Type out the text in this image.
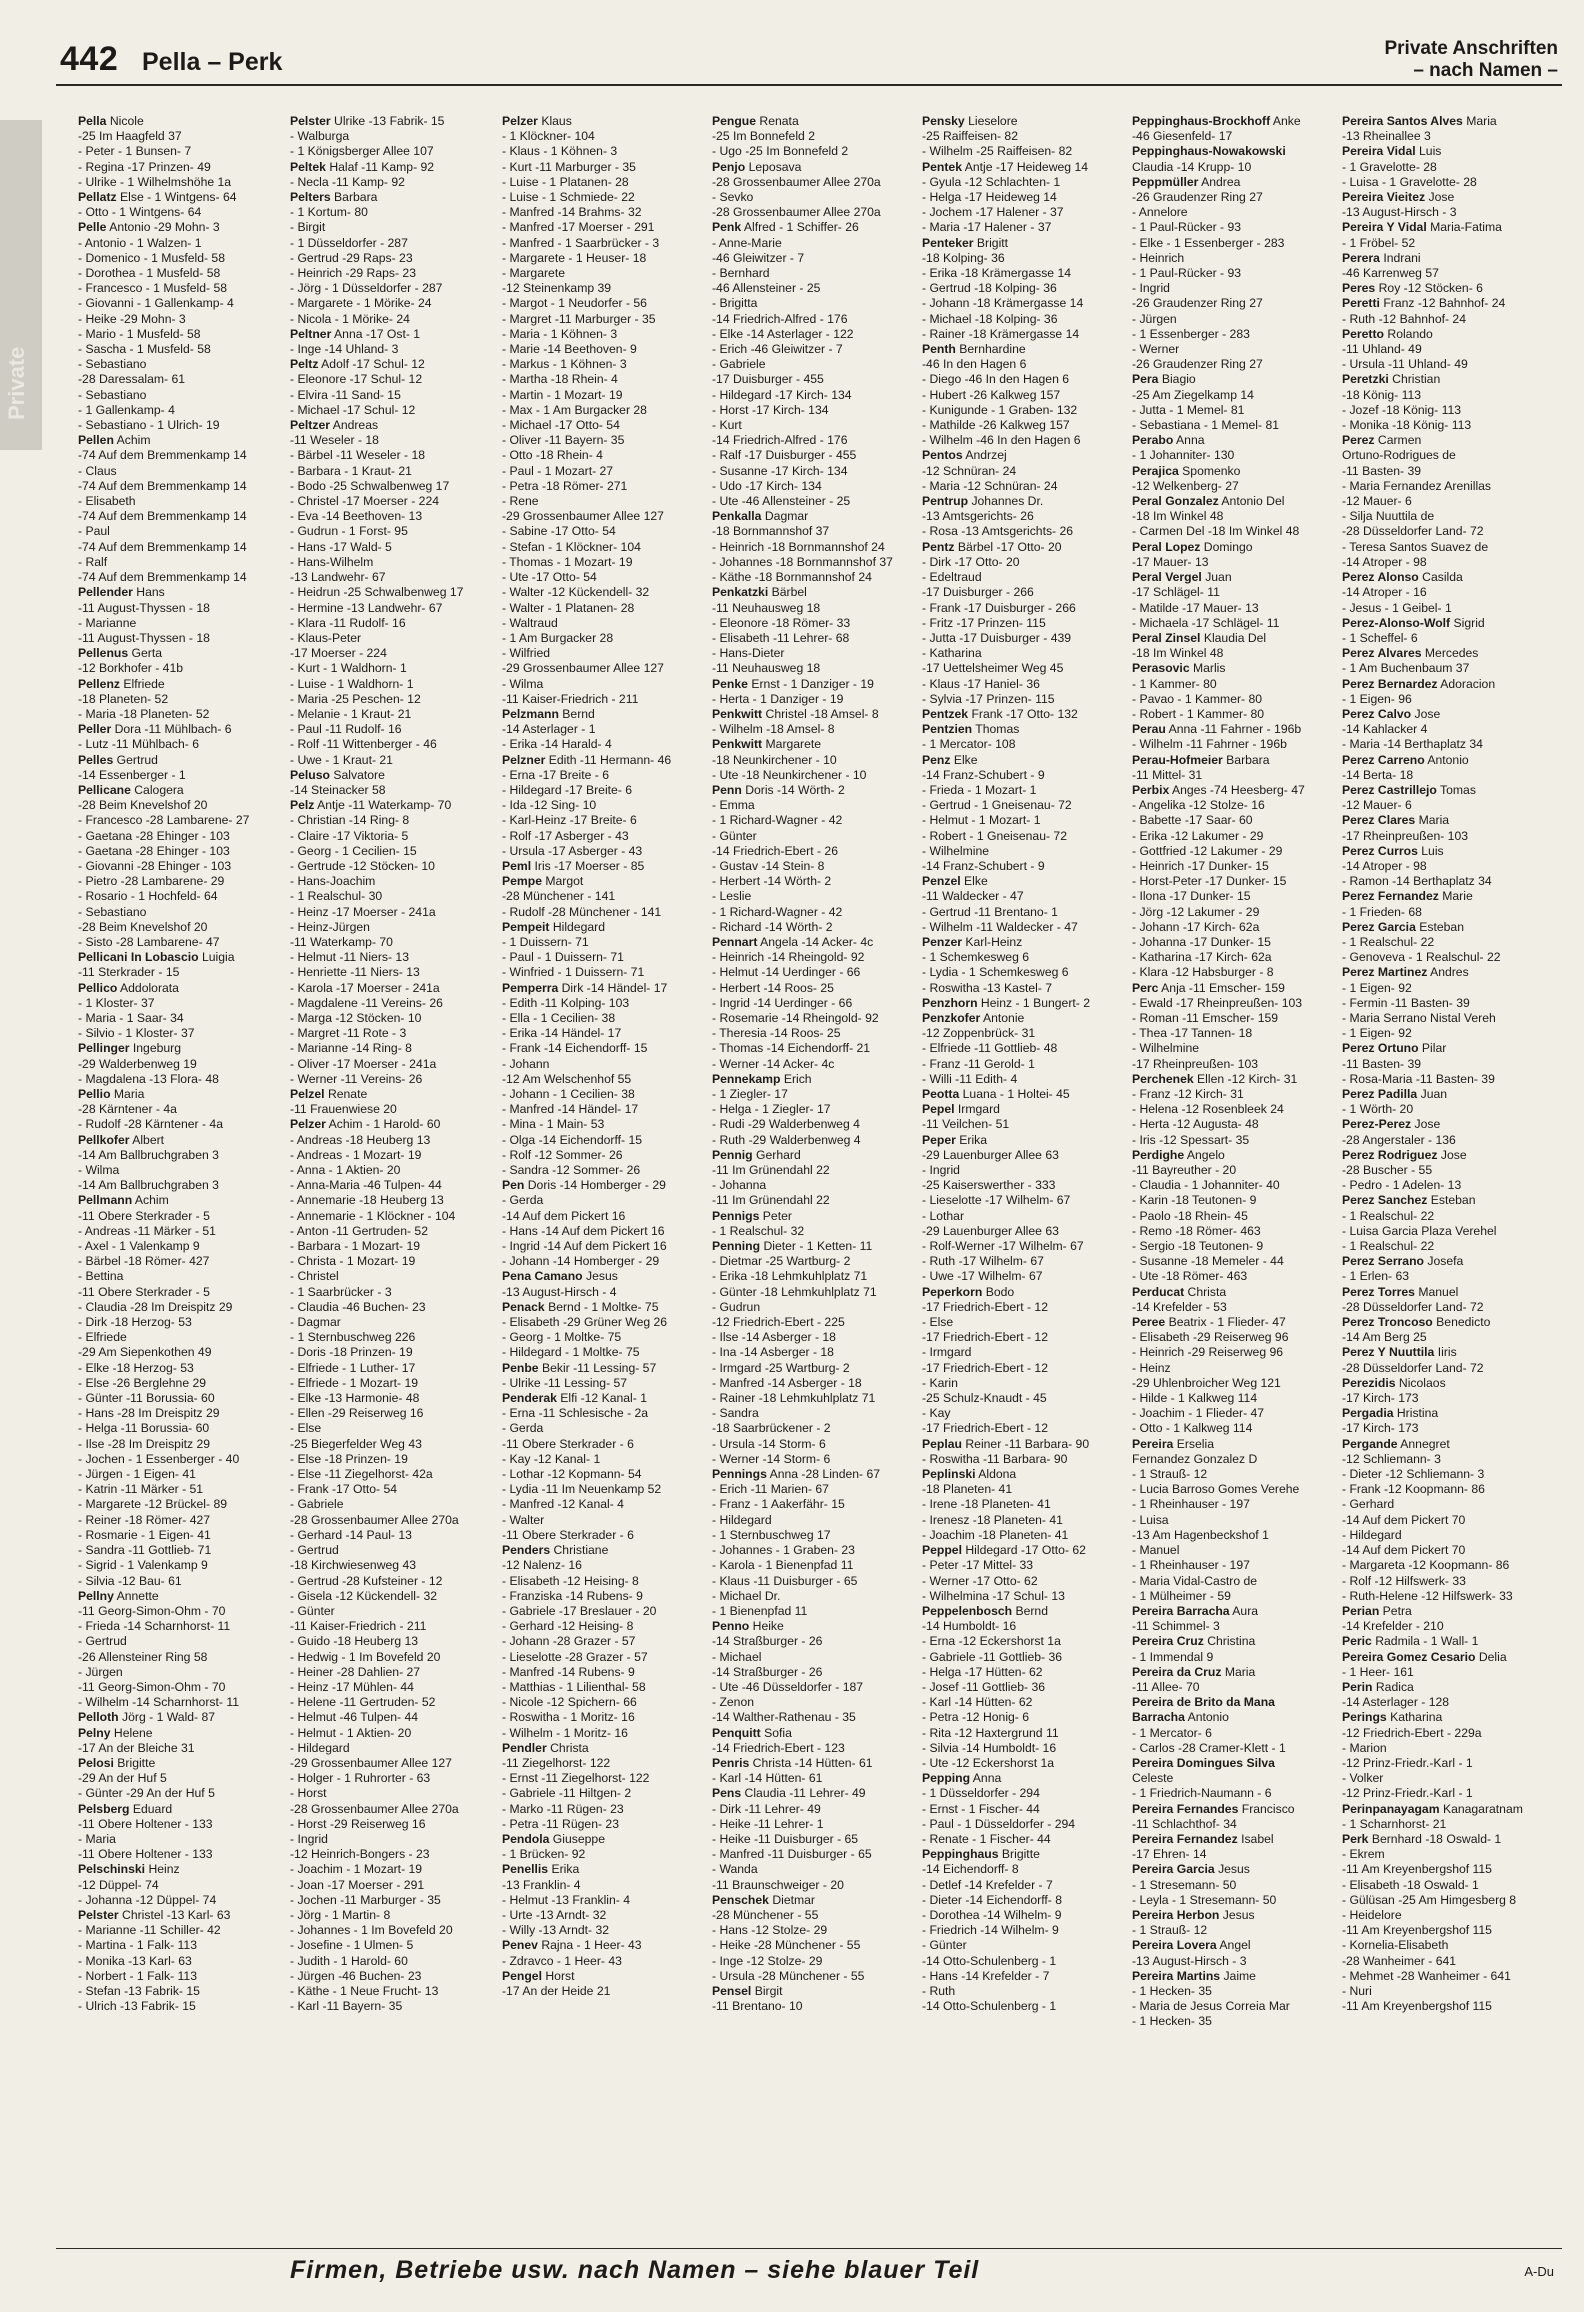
Private
442 Pella – Perk	Private Anschriften
– nach Namen –
Pella Nicole
-25 Im Haagfeld 37
- Peter - 1 Bunsen- 7
- Regina -17 Prinzen- 49
- Ulrike - 1 Wilhelmshöhe 1a
Pellatz Else - 1 Wintgens- 64
- Otto - 1 Wintgens- 64
Pelle Antonio -29 Mohn- 3
- Antonio - 1 Walzen- 1
- Domenico - 1 Musfeld- 58
- Dorothea - 1 Musfeld- 58
- Francesco - 1 Musfeld- 58
- Giovanni - 1 Gallenkamp- 4
- Heike -29 Mohn- 3
- Mario - 1 Musfeld- 58
- Sascha - 1 Musfeld- 58
- Sebastiano
-28 Daressalam- 61
- Sebastiano
- 1 Gallenkamp- 4
- Sebastiano - 1 Ulrich- 19
Pellen Achim
-74 Auf dem Bremmenkamp 14
- Claus
-74 Auf dem Bremmenkamp 14
- Elisabeth
-74 Auf dem Bremmenkamp 14
- Paul
-74 Auf dem Bremmenkamp 14
- Ralf
-74 Auf dem Bremmenkamp 14
Pellender Hans
-11 August-Thyssen - 18
- Marianne
-11 August-Thyssen - 18
Pellenus Gerta
-12 Borkhofer - 41b
Pellenz Elfriede
-18 Planeten- 52
- Maria -18 Planeten- 52
Peller Dora -11 Mühlbach- 6
- Lutz -11 Mühlbach- 6
Pelles Gertrud
-14 Essenberger - 1
Pellicane Calogera
-28 Beim Knevelshof 20
- Francesco -28 Lambarene- 27
- Gaetana -28 Ehinger - 103
- Gaetana -28 Ehinger - 103
- Giovanni -28 Ehinger - 103
- Pietro -28 Lambarene- 29
- Rosario - 1 Hochfeld- 64
- Sebastiano
-28 Beim Knevelshof 20
- Sisto -28 Lambarene- 47
Pellicani In Lobascio Luigia
-11 Sterkrader - 15
Pellico Addolorata
- 1 Kloster- 37
- Maria - 1 Saar- 34
- Silvio - 1 Kloster- 37
Pellinger Ingeburg
-29 Walderbenweg 19
- Magdalena -13 Flora- 48
Pellio Maria
-28 Kärntener - 4a
- Rudolf -28 Kärntener - 4a
Pellkofer Albert
-14 Am Ballbruchgraben 3
- Wilma
-14 Am Ballbruchgraben 3
Pellmann Achim
-11 Obere Sterkrader - 5
- Andreas -11 Märker - 51
- Axel - 1 Valenkamp 9
- Bärbel -18 Römer- 427
- Bettina
-11 Obere Sterkrader - 5
- Claudia -28 Im Dreispitz 29
- Dirk -18 Herzog- 53
- Elfriede
-29 Am Siepenkothen 49
- Elke -18 Herzog- 53
- Else -26 Berglehne 29
- Günter -11 Borussia- 60
- Hans -28 Im Dreispitz 29
- Helga -11 Borussia- 60
- Ilse -28 Im Dreispitz 29
- Jochen - 1 Essenberger - 40
- Jürgen - 1 Eigen- 41
- Katrin -11 Märker - 51
- Margarete -12 Brückel- 89
- Reiner -18 Römer- 427
- Rosmarie - 1 Eigen- 41
- Sandra -11 Gottlieb- 71
- Sigrid - 1 Valenkamp 9
- Silvia -12 Bau- 61
Pellny Annette
-11 Georg-Simon-Ohm - 70
- Frieda -14 Scharnhorst- 11
- Gertrud
-26 Allensteiner Ring 58
- Jürgen
-11 Georg-Simon-Ohm - 70
- Wilhelm -14 Scharnhorst- 11
Pelloth Jörg - 1 Wald- 87
Pelny Helene
-17 An der Bleiche 31
Pelosi Brigitte
-29 An der Huf 5
- Günter -29 An der Huf 5
Pelsberg Eduard
-11 Obere Holtener - 133
- Maria
-11 Obere Holtener - 133
Pelschinski Heinz
-12 Düppel- 74
- Johanna -12 Düppel- 74
Pelster Christel -13 Karl- 63
- Marianne -11 Schiller- 42
- Martina - 1 Falk- 113
- Monika -13 Karl- 63
- Norbert - 1 Falk- 113
- Stefan -13 Fabrik- 15
- Ulrich -13 Fabrik- 15
Pelster Ulrike -13 Fabrik- 15
- Walburga
- 1 Königsberger Allee 107
Peltek Halaf -11 Kamp- 92
- Necla -11 Kamp- 92
Pelters Barbara
- 1 Kortum- 80
- Birgit
- 1 Düsseldorfer - 287
- Gertrud -29 Raps- 23
- Heinrich -29 Raps- 23
- Jörg - 1 Düsseldorfer - 287
- Margarete - 1 Mörike- 24
- Nicola - 1 Mörike- 24
Peltner Anna -17 Ost- 1
- Inge -14 Uhland- 3
Peltz Adolf -17 Schul- 12
- Eleonore -17 Schul- 12
- Elvira -11 Sand- 15
- Michael -17 Schul- 12
Peltzer Andreas
-11 Weseler - 18
- Bärbel -11 Weseler - 18
- Barbara - 1 Kraut- 21
- Bodo -25 Schwalbenweg 17
- Christel -17 Moerser - 224
- Eva -14 Beethoven- 13
- Gudrun - 1 Forst- 95
- Hans -17 Wald- 5
- Hans-Wilhelm
-13 Landwehr- 67
- Heidrun -25 Schwalbenweg 17
- Hermine -13 Landwehr- 67
- Klara -11 Rudolf- 16
- Klaus-Peter
-17 Moerser - 224
- Kurt - 1 Waldhorn- 1
- Luise - 1 Waldhorn- 1
- Maria -25 Peschen- 12
- Melanie - 1 Kraut- 21
- Paul -11 Rudolf- 16
- Rolf -11 Wittenberger - 46
- Uwe - 1 Kraut- 21
Peluso Salvatore
-14 Steinacker 58
Pelz Antje -11 Waterkamp- 70
- Christian -14 Ring- 8
- Claire -17 Viktoria- 5
- Georg - 1 Cecilien- 15
- Gertrude -12 Stöcken- 10
- Hans-Joachim
- 1 Realschul- 30
- Heinz -17 Moerser - 241a
- Heinz-Jürgen
-11 Waterkamp- 70
- Helmut -11 Niers- 13
- Henriette -11 Niers- 13
- Karola -17 Moerser - 241a
- Magdalene -11 Vereins- 26
- Marga -12 Stöcken- 10
- Margret -11 Rote - 3
- Marianne -14 Ring- 8
- Oliver -17 Moerser - 241a
- Werner -11 Vereins- 26
Pelzel Renate
-11 Frauenwiese 20
Pelzer Achim - 1 Harold- 60
- Andreas -18 Heuberg 13
- Andreas - 1 Mozart- 19
- Anna - 1 Aktien- 20
- Anna-Maria -46 Tulpen- 44
- Annemarie -18 Heuberg 13
- Annemarie - 1 Klöckner - 104
- Anton -11 Gertruden- 52
- Barbara - 1 Mozart- 19
- Christa - 1 Mozart- 19
- Christel
- 1 Saarbrücker - 3
- Claudia -46 Buchen- 23
- Dagmar
- 1 Sternbuschweg 226
- Doris -18 Prinzen- 19
- Elfriede - 1 Luther- 17
- Elfriede - 1 Mozart- 19
- Elke -13 Harmonie- 48
- Ellen -29 Reiserweg 16
- Else
-25 Biegerfelder Weg 43
- Else -18 Prinzen- 19
- Else -11 Ziegelhorst- 42a
- Frank -17 Otto- 54
- Gabriele
-28 Grossenbaumer Allee 270a
- Gerhard -14 Paul- 13
- Gertrud
-18 Kirchwiesenweg 43
- Gertrud -28 Kufsteiner - 12
- Gisela -12 Kückendell- 32
- Günter
-11 Kaiser-Friedrich - 211
- Guido -18 Heuberg 13
- Hedwig - 1 Im Bovefeld 20
- Heiner -28 Dahlien- 27
- Heinz -17 Mühlen- 44
- Helene -11 Gertruden- 52
- Helmut -46 Tulpen- 44
- Helmut - 1 Aktien- 20
- Hildegard
-29 Grossenbaumer Allee 127
- Holger - 1 Ruhrorter - 63
- Horst
-28 Grossenbaumer Allee 270a
- Horst -29 Reiserweg 16
- Ingrid
-12 Heinrich-Bongers - 23
- Joachim - 1 Mozart- 19
- Joan -17 Moerser - 291
- Jochen -11 Marburger - 35
- Jörg - 1 Martin- 8
- Johannes - 1 Im Bovefeld 20
- Josefine - 1 Ulmen- 5
- Judith - 1 Harold- 60
- Jürgen -46 Buchen- 23
- Käthe - 1 Neue Frucht- 13
- Karl -11 Bayern- 35
Pelzer Klaus
- 1 Klöckner- 104
- Klaus - 1 Köhnen- 3
- Kurt -11 Marburger - 35
- Luise - 1 Platanen- 28
- Luise - 1 Schmiede- 22
- Manfred -14 Brahms- 32
- Manfred -17 Moerser - 291
- Manfred - 1 Saarbrücker - 3
- Margarete - 1 Heuser- 18
- Margarete
-12 Steinenkamp 39
- Margot - 1 Neudorfer - 56
- Margret -11 Marburger - 35
- Maria - 1 Köhnen- 3
- Marie -14 Beethoven- 9
- Markus - 1 Köhnen- 3
- Martha -18 Rhein- 4
- Martin - 1 Mozart- 19
- Max - 1 Am Burgacker 28
- Michael -17 Otto- 54
- Oliver -11 Bayern- 35
- Otto -18 Rhein- 4
- Paul - 1 Mozart- 27
- Petra -18 Römer- 271
- Rene
-29 Grossenbaumer Allee 127
- Sabine -17 Otto- 54
- Stefan - 1 Klöckner- 104
- Thomas - 1 Mozart- 19
- Ute -17 Otto- 54
- Walter -12 Kückendell- 32
- Walter - 1 Platanen- 28
- Waltraud
- 1 Am Burgacker 28
- Wilfried
-29 Grossenbaumer Allee 127
- Wilma
-11 Kaiser-Friedrich - 211
Pelzmann Bernd
-14 Asterlager - 1
- Erika -14 Harald- 4
Pelzner Edith -11 Hermann- 46
- Erna -17 Breite - 6
- Hildegard -17 Breite- 6
- Ida -12 Sing- 10
- Karl-Heinz -17 Breite- 6
- Rolf -17 Asberger - 43
- Ursula -17 Asberger - 43
Peml Iris -17 Moerser - 85
Pempe Margot
-28 Münchener - 141
- Rudolf -28 Münchener - 141
Pempeit Hildegard
- 1 Duissern- 71
- Paul - 1 Duissern- 71
- Winfried - 1 Duissern- 71
Pemperra Dirk -14 Händel- 17
- Edith -11 Kolping- 103
- Ella - 1 Cecilien- 38
- Erika -14 Händel- 17
- Frank -14 Eichendorff- 15
- Johann
-12 Am Welschenhof 55
- Johann - 1 Cecilien- 38
- Manfred -14 Händel- 17
- Mina - 1 Main- 53
- Olga -14 Eichendorff- 15
- Rolf -12 Sommer- 26
- Sandra -12 Sommer- 26
Pen Doris -14 Homberger - 29
- Gerda
-14 Auf dem Pickert 16
- Hans -14 Auf dem Pickert 16
- Ingrid -14 Auf dem Pickert 16
- Johann -14 Homberger - 29
Pena Camano Jesus
-13 August-Hirsch - 4
Penack Bernd - 1 Moltke- 75
- Elisabeth -29 Grüner Weg 26
- Georg - 1 Moltke- 75
- Hildegard - 1 Moltke- 75
Penbe Bekir -11 Lessing- 57
- Ulrike -11 Lessing- 57
Penderak Elfi -12 Kanal- 1
- Erna -11 Schlesische - 2a
- Gerda
-11 Obere Sterkrader - 6
- Kay -12 Kanal- 1
- Lothar -12 Kopmann- 54
- Lydia -11 Im Neuenkamp 52
- Manfred -12 Kanal- 4
- Walter
-11 Obere Sterkrader - 6
Penders Christiane
-12 Nalenz- 16
- Elisabeth -12 Heising- 8
- Franziska -14 Rubens- 9
- Gabriele -17 Breslauer - 20
- Gerhard -12 Heising- 8
- Johann -28 Grazer - 57
- Lieselotte -28 Grazer - 57
- Manfred -14 Rubens- 9
- Matthias - 1 Lilienthal- 58
- Nicole -12 Spichern- 66
- Roswitha - 1 Moritz- 16
- Wilhelm - 1 Moritz- 16
Pendler Christa
-11 Ziegelhorst- 122
- Ernst -11 Ziegelhorst- 122
- Gabriele -11 Hiltgen- 2
- Marko -11 Rügen- 23
- Petra -11 Rügen- 23
Pendola Giuseppe
- 1 Brücken- 92
Penellis Erika
-13 Franklin- 4
- Helmut -13 Franklin- 4
- Urte -13 Arndt- 32
- Willy -13 Arndt- 32
Penev Rajna - 1 Heer- 43
- Zdravco - 1 Heer- 43
Pengel Horst
-17 An der Heide 21
Pengue Renata
-25 Im Bonnefeld 2
- Ugo -25 Im Bonnefeld 2
Penjo Leposava
-28 Grossenbaumer Allee 270a
- Sevko
-28 Grossenbaumer Allee 270a
Penk Alfred - 1 Schiffer- 26
- Anne-Marie
-46 Gleiwitzer - 7
- Bernhard
-46 Allensteiner - 25
- Brigitta
-14 Friedrich-Alfred - 176
- Elke -14 Asterlager - 122
- Erich -46 Gleiwitzer - 7
- Gabriele
-17 Duisburger - 455
- Hildegard -17 Kirch- 134
- Horst -17 Kirch- 134
- Kurt
-14 Friedrich-Alfred - 176
- Ralf -17 Duisburger - 455
- Susanne -17 Kirch- 134
- Udo -17 Kirch- 134
- Ute -46 Allensteiner - 25
Penkalla Dagmar
-18 Bornmannshof 37
- Heinrich -18 Bornmannshof 24
- Johannes -18 Bornmannshof 37
- Käthe -18 Bornmannshof 24
Penkatzki Bärbel
-11 Neuhausweg 18
- Eleonore -18 Römer- 33
- Elisabeth -11 Lehrer- 68
- Hans-Dieter
-11 Neuhausweg 18
Penke Ernst - 1 Danziger - 19
- Herta - 1 Danziger - 19
Penkwitt Christel -18 Amsel- 8
- Wilhelm -18 Amsel- 8
Penkwitt Margarete
-18 Neunkirchener - 10
- Ute -18 Neunkirchener - 10
Penn Doris -14 Wörth- 2
- Emma
- 1 Richard-Wagner - 42
- Günter
-14 Friedrich-Ebert - 26
- Gustav -14 Stein- 8
- Herbert -14 Wörth- 2
- Leslie
- 1 Richard-Wagner - 42
- Richard -14 Wörth- 2
Pennart Angela -14 Acker- 4c
- Heinrich -14 Rheingold- 92
- Helmut -14 Uerdinger - 66
- Herbert -14 Roos- 25
- Ingrid -14 Uerdinger - 66
- Rosemarie -14 Rheingold- 92
- Theresia -14 Roos- 25
- Thomas -14 Eichendorff- 21
- Werner -14 Acker- 4c
Pennekamp Erich
- 1 Ziegler- 17
- Helga - 1 Ziegler- 17
- Rudi -29 Walderbenweg 4
- Ruth -29 Walderbenweg 4
Pennig Gerhard
-11 Im Grünendahl 22
- Johanna
-11 Im Grünendahl 22
Pennigs Peter
- 1 Realschul- 32
Penning Dieter - 1 Ketten- 11
- Dietmar -25 Wartburg- 2
- Erika -18 Lehmkuhlplatz 71
- Günter -18 Lehmkuhlplatz 71
- Gudrun
-12 Friedrich-Ebert - 225
- Ilse -14 Asberger - 18
- Ina -14 Asberger - 18
- Irmgard -25 Wartburg- 2
- Manfred -14 Asberger - 18
- Rainer -18 Lehmkuhlplatz 71
- Sandra
-18 Saarbrückener - 2
- Ursula -14 Storm- 6
- Werner -14 Storm- 6
Pennings Anna -28 Linden- 67
- Erich -11 Marien- 67
- Franz - 1 Aakerfähr- 15
- Hildegard
- 1 Sternbuschweg 17
- Johannes - 1 Graben- 23
- Karola - 1 Bienenpfad 11
- Klaus -11 Duisburger - 65
- Michael Dr.
- 1 Bienenpfad 11
Penno Heike
-14 Straßburger - 26
- Michael
-14 Straßburger - 26
- Ute -46 Düsseldorfer - 187
- Zenon
-14 Walther-Rathenau - 35
Penquitt Sofia
-14 Friedrich-Ebert - 123
Penris Christa -14 Hütten- 61
- Karl -14 Hütten- 61
Pens Claudia -11 Lehrer- 49
- Dirk -11 Lehrer- 49
- Heike -11 Lehrer- 1
- Heike -11 Duisburger - 65
- Manfred -11 Duisburger - 65
- Wanda
-11 Braunschweiger - 20
Penschek Dietmar
-28 Münchener - 55
- Hans -12 Stolze- 29
- Heike -28 Münchener - 55
- Inge -12 Stolze- 29
- Ursula -28 Münchener - 55
Pensel Birgit
-11 Brentano- 10
Pensky Lieselore
-25 Raiffeisen- 82
- Wilhelm -25 Raiffeisen- 82
Pentek Antje -17 Heideweg 14
- Gyula -12 Schlachten- 1
- Helga -17 Heideweg 14
- Jochem -17 Halener - 37
- Maria -17 Halener - 37
Penteker Brigitt
-18 Kolping- 36
- Erika -18 Krämergasse 14
- Gertrud -18 Kolping- 36
- Johann -18 Krämergasse 14
- Michael -18 Kolping- 36
- Rainer -18 Krämergasse 14
Penth Bernhardine
-46 In den Hagen 6
- Diego -46 In den Hagen 6
- Hubert -26 Kalkweg 157
- Kunigunde - 1 Graben- 132
- Mathilde -26 Kalkweg 157
- Wilhelm -46 In den Hagen 6
Pentos Andrzej
-12 Schnüran- 24
- Maria -12 Schnüran- 24
Pentrup Johannes Dr.
-13 Amtsgerichts- 26
- Rosa -13 Amtsgerichts- 26
Pentz Bärbel -17 Otto- 20
- Dirk -17 Otto- 20
- Edeltraud
-17 Duisburger - 266
- Frank -17 Duisburger - 266
- Fritz -17 Prinzen- 115
- Jutta -17 Duisburger - 439
- Katharina
-17 Uettelsheimer Weg 45
- Klaus -17 Haniel- 36
- Sylvia -17 Prinzen- 115
Pentzek Frank -17 Otto- 132
Pentzien Thomas
- 1 Mercator- 108
Penz Elke
-14 Franz-Schubert - 9
- Frieda - 1 Mozart- 1
- Gertrud - 1 Gneisenau- 72
- Helmut - 1 Mozart- 1
- Robert - 1 Gneisenau- 72
- Wilhelmine
-14 Franz-Schubert - 9
Penzel Elke
-11 Waldecker - 47
- Gertrud -11 Brentano- 1
- Wilhelm -11 Waldecker - 47
Penzer Karl-Heinz
- 1 Schemkesweg 6
- Lydia - 1 Schemkesweg 6
- Roswitha -13 Kastel- 7
Penzhorn Heinz - 1 Bungert- 2
Penzkofer Antonie
-12 Zoppenbrück- 31
- Elfriede -11 Gottlieb- 48
- Franz -11 Gerold- 1
- Willi -11 Edith- 4
Peotta Luana - 1 Holtei- 45
Pepel Irmgard
-11 Veilchen- 51
Peper Erika
-29 Lauenburger Allee 63
- Ingrid
-25 Kaiserswerther - 333
- Lieselotte -17 Wilhelm- 67
- Lothar
-29 Lauenburger Allee 63
- Rolf-Werner -17 Wilhelm- 67
- Ruth -17 Wilhelm- 67
- Uwe -17 Wilhelm- 67
Peperkorn Bodo
-17 Friedrich-Ebert - 12
- Else
-17 Friedrich-Ebert - 12
- Irmgard
-17 Friedrich-Ebert - 12
- Karin
-25 Schulz-Knaudt - 45
- Kay
-17 Friedrich-Ebert - 12
Peplau Reiner -11 Barbara- 90
- Roswitha -11 Barbara- 90
Peplinski Aldona
-18 Planeten- 41
- Irene -18 Planeten- 41
- Irenesz -18 Planeten- 41
- Joachim -18 Planeten- 41
Peppel Hildegard -17 Otto- 62
- Peter -17 Mittel- 33
- Werner -17 Otto- 62
- Wilhelmina -17 Schul- 13
Peppelenbosch Bernd
-14 Humboldt- 16
- Erna -12 Eckershorst 1a
- Gabriele -11 Gottlieb- 36
- Helga -17 Hütten- 62
- Josef -11 Gottlieb- 36
- Karl -14 Hütten- 62
- Petra -12 Honig- 6
- Rita -12 Haxtergrund 11
- Silvia -14 Humboldt- 16
- Ute -12 Eckershorst 1a
Pepping Anna
- 1 Düsseldorfer - 294
- Ernst - 1 Fischer- 44
- Paul - 1 Düsseldorfer - 294
- Renate - 1 Fischer- 44
Peppinghaus Brigitte
-14 Eichendorff- 8
- Detlef -14 Krefelder - 7
- Dieter -14 Eichendorff- 8
- Dorothea -14 Wilhelm- 9
- Friedrich -14 Wilhelm- 9
- Günter
-14 Otto-Schulenberg - 1
- Hans -14 Krefelder - 7
- Ruth
-14 Otto-Schulenberg - 1
Peppinghaus-Brockhoff Anke
-46 Giesenfeld- 17
Peppinghaus-Nowakowski
Claudia -14 Krupp- 10
Peppmüller Andrea
-26 Graudenzer Ring 27
- Annelore
- 1 Paul-Rücker - 93
- Elke - 1 Essenberger - 283
- Heinrich
- 1 Paul-Rücker - 93
- Ingrid
-26 Graudenzer Ring 27
- Jürgen
- 1 Essenberger - 283
- Werner
-26 Graudenzer Ring 27
Pera Biagio
-25 Am Ziegelkamp 14
- Jutta - 1 Memel- 81
- Sebastiana - 1 Memel- 81
Perabo Anna
- 1 Johanniter- 130
Perajica Spomenko
-12 Welkenberg- 27
Peral Gonzalez Antonio Del
-18 Im Winkel 48
- Carmen Del -18 Im Winkel 48
Peral Lopez Domingo
-17 Mauer- 13
Peral Vergel Juan
-17 Schlägel- 11
- Matilde -17 Mauer- 13
- Michaela -17 Schlägel- 11
Peral Zinsel Klaudia Del
-18 Im Winkel 48
Perasovic Marlis
- 1 Kammer- 80
- Pavao - 1 Kammer- 80
- Robert - 1 Kammer- 80
Perau Anna -11 Fahrner - 196b
- Wilhelm -11 Fahrner - 196b
Perau-Hofmeier Barbara
-11 Mittel- 31
Perbix Anges -74 Heesberg- 47
- Angelika -12 Stolze- 16
- Babette -17 Saar- 60
- Erika -12 Lakumer - 29
- Gottfried -12 Lakumer - 29
- Heinrich -17 Dunker- 15
- Horst-Peter -17 Dunker- 15
- Ilona -17 Dunker- 15
- Jörg -12 Lakumer - 29
- Johann -17 Kirch- 62a
- Johanna -17 Dunker- 15
- Katharina -17 Kirch- 62a
- Klara -12 Habsburger - 8
Perc Anja -11 Emscher- 159
- Ewald -17 Rheinpreußen- 103
- Roman -11 Emscher- 159
- Thea -17 Tannen- 18
- Wilhelmine
-17 Rheinpreußen- 103
Perchenek Ellen -12 Kirch- 31
- Franz -12 Kirch- 31
- Helena -12 Rosenbleek 24
- Herta -12 Augusta- 48
- Iris -12 Spessart- 35
Perdighe Angelo
-11 Bayreuther - 20
- Claudia - 1 Johanniter- 40
- Karin -18 Teutonen- 9
- Paolo -18 Rhein- 45
- Remo -18 Römer- 463
- Sergio -18 Teutonen- 9
- Susanne -18 Memeler - 44
- Ute -18 Römer- 463
Perducat Christa
-14 Krefelder - 53
Peree Beatrix - 1 Flieder- 47
- Elisabeth -29 Reiserweg 96
- Heinrich -29 Reiserweg 96
- Heinz
-29 Uhlenbroicher Weg 121
- Hilde - 1 Kalkweg 114
- Joachim - 1 Flieder- 47
- Otto - 1 Kalkweg 114
Pereira Erselia
Fernandez Gonzalez D
- 1 Strauß- 12
- Lucia Barroso Gomes Verehe
- 1 Rheinhauser - 197
- Luisa
-13 Am Hagenbeckshof 1
- Manuel
- 1 Rheinhauser - 197
- Maria Vidal-Castro de
- 1 Mülheimer - 59
Pereira Barracha Aura
-11 Schimmel- 3
Pereira Cruz Christina
- 1 Immendal 9
Pereira da Cruz Maria
-11 Allee- 70
Pereira de Brito da Mana
Barracha Antonio
- 1 Mercator- 6
- Carlos -28 Cramer-Klett - 1
Pereira Domingues Silva
Celeste
- 1 Friedrich-Naumann - 6
Pereira Fernandes Francisco
-11 Schlachthof- 34
Pereira Fernandez Isabel
-17 Ehren- 14
Pereira Garcia Jesus
- 1 Stresemann- 50
- Leyla - 1 Stresemann- 50
Pereira Herbon Jesus
- 1 Strauß- 12
Pereira Lovera Angel
-13 August-Hirsch - 3
Pereira Martins Jaime
- 1 Hecken- 35
- Maria de Jesus Correia Mar
- 1 Hecken- 35
Pereira Santos Alves Maria
-13 Rheinallee 3
Pereira Vidal Luis
- 1 Gravelotte- 28
- Luisa - 1 Gravelotte- 28
Pereira Vieitez Jose
-13 August-Hirsch - 3
Pereira Y Vidal Maria-Fatima
- 1 Fröbel- 52
Perera Indrani
-46 Karrenweg 57
Peres Roy -12 Stöcken- 6
Peretti Franz -12 Bahnhof- 24
- Ruth -12 Bahnhof- 24
Peretto Rolando
-11 Uhland- 49
- Ursula -11 Uhland- 49
Peretzki Christian
-18 König- 113
- Jozef -18 König- 113
- Monika -18 König- 113
Perez Carmen
Ortuno-Rodrigues de
-11 Basten- 39
- Maria Fernandez Arenillas
-12 Mauer- 6
- Silja Nuuttila de
-28 Düsseldorfer Land- 72
- Teresa Santos Suavez de
-14 Atroper - 98
Perez Alonso Casilda
-14 Atroper - 16
- Jesus - 1 Geibel- 1
Perez-Alonso-Wolf Sigrid
- 1 Scheffel- 6
Perez Alvares Mercedes
- 1 Am Buchenbaum 37
Perez Bernardez Adoracion
- 1 Eigen- 96
Perez Calvo Jose
-14 Kahlacker 4
- Maria -14 Berthaplatz 34
Perez Carreno Antonio
-14 Berta- 18
Perez Castrillejo Tomas
-12 Mauer- 6
Perez Clares Maria
-17 Rheinpreußen- 103
Perez Curros Luis
-14 Atroper - 98
- Ramon -14 Berthaplatz 34
Perez Fernandez Marie
- 1 Frieden- 68
Perez Garcia Esteban
- 1 Realschul- 22
- Genoveva - 1 Realschul- 22
Perez Martinez Andres
- 1 Eigen- 92
- Fermin -11 Basten- 39
- Maria Serrano Nistal Vereh
- 1 Eigen- 92
Perez Ortuno Pilar
-11 Basten- 39
- Rosa-Maria -11 Basten- 39
Perez Padilla Juan
- 1 Wörth- 20
Perez-Perez Jose
-28 Angerstaler - 136
Perez Rodriguez Jose
-28 Buscher - 55
- Pedro - 1 Adelen- 13
Perez Sanchez Esteban
- 1 Realschul- 22
- Luisa Garcia Plaza Verehel
- 1 Realschul- 22
Perez Serrano Josefa
- 1 Erlen- 63
Perez Torres Manuel
-28 Düsseldorfer Land- 72
Perez Troncoso Benedicto
-14 Am Berg 25
Perez Y Nuuttila Iiris
-28 Düsseldorfer Land- 72
Perezidis Nicolaos
-17 Kirch- 173
Pergadia Hristina
-17 Kirch- 173
Pergande Annegret
-12 Schliemann- 3
- Dieter -12 Schliemann- 3
- Frank -12 Koopmann- 86
- Gerhard
-14 Auf dem Pickert 70
- Hildegard
-14 Auf dem Pickert 70
- Margareta -12 Koopmann- 86
- Rolf -12 Hilfswerk- 33
- Ruth-Helene -12 Hilfswerk- 33
Perian Petra
-14 Krefelder - 210
Peric Radmila - 1 Wall- 1
Pereira Gomez Cesario Delia
- 1 Heer- 161
Perin Radica
-14 Asterlager - 128
Perings Katharina
-12 Friedrich-Ebert - 229a
- Marion
-12 Prinz-Friedr.-Karl - 1
- Volker
-12 Prinz-Friedr.-Karl - 1
Perinpanayagam Kanagaratnam
- 1 Scharnhorst- 21
Perk Bernhard -18 Oswald- 1
- Ekrem
-11 Am Kreyenbergshof 115
- Elisabeth -18 Oswald- 1
- Gülüsan -25 Am Himgesberg 8
- Heidelore
-11 Am Kreyenbergshof 115
- Kornelia-Elisabeth
-28 Wanheimer - 641
- Mehmet -28 Wanheimer - 641
- Nuri
-11 Am Kreyenbergshof 115
Firmen, Betriebe usw. nach Namen – siehe blauer Teil	A-Du
